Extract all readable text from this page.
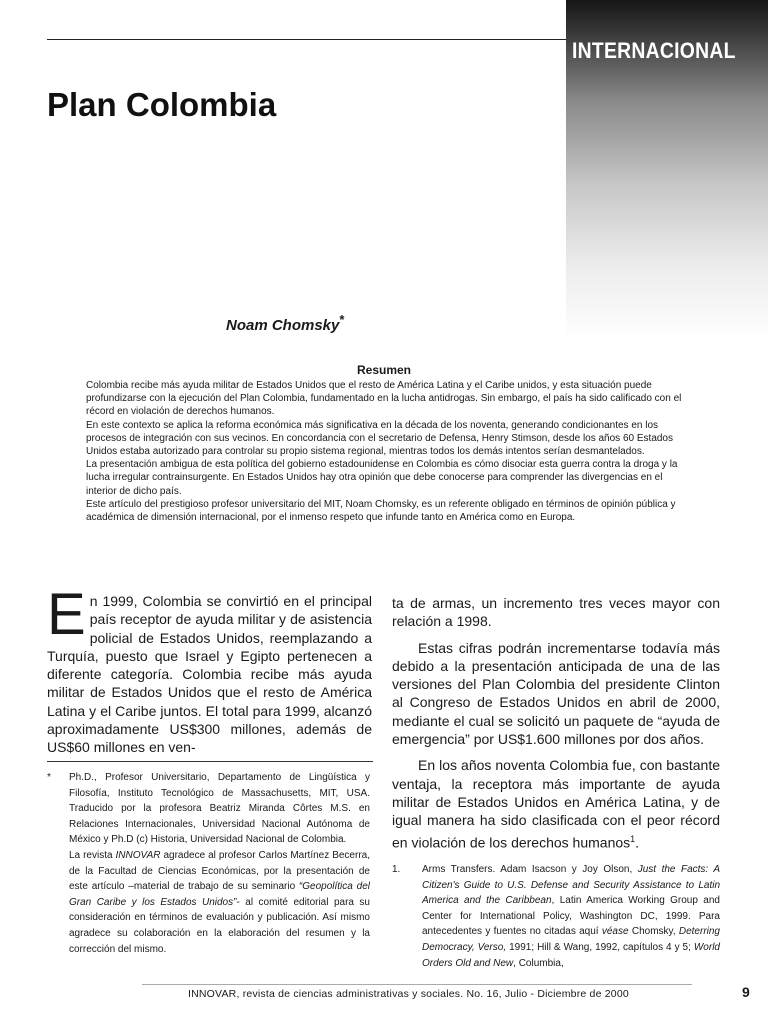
INTERNACIONAL
Plan Colombia
Noam Chomsky*
Resumen

Colombia recibe más ayuda militar de Estados Unidos que el resto de América Latina y el Caribe unidos, y esta situación puede profundizarse con la ejecución del Plan Colombia, fundamentado en la lucha antidrogas. Sin embargo, el país ha sido calificado con el récord en violación de derechos humanos.

En este contexto se aplica la reforma económica más significativa en la década de los noventa, generando condicionantes en los procesos de integración con sus vecinos. En concordancia con el secretario de Defensa, Henry Stimson, desde los años 60 Estados Unidos estaba autorizado para controlar su propio sistema regional, mientras todos los demás intentos serían desmantelados.

La presentación ambigua de esta política del gobierno estadounidense en Colombia es cómo disociar esta guerra contra la droga y la lucha irregular contrainsurgente. En Estados Unidos hay otra opinión que debe conocerse para comprender las divergencias en el interior de dicho país.

Este artículo del prestigioso profesor universitario del MIT, Noam Chomsky, es un referente obligado en términos de opinión pública y académica de dimensión internacional, por el inmenso respeto que infunde tanto en América como en Europa.

En 1999, Colombia se convirtió en el principal país receptor de ayuda militar y de asistencia policial de Estados Unidos, reemplazando a Turquía, puesto que Israel y Egipto pertenecen a diferente categoría. Colombia recibe más ayuda militar de Estados Unidos que el resto de América Latina y el Caribe juntos. El total para 1999, alcanzó aproximadamente US$300 millones, además de US$60 millones en ven-

ta de armas, un incremento tres veces mayor con relación a 1998.

Estas cifras podrán incrementarse todavía más debido a la presentación anticipada de una de las versiones del Plan Colombia del presidente Clinton al Congreso de Estados Unidos en abril de 2000, mediante el cual se solicitó un paquete de “ayuda de emergencia” por US$1.600 millones por dos años.

En los años noventa Colombia fue, con bastante ventaja, la receptora más importante de ayuda militar de Estados Unidos en América Latina, y de igual manera ha sido clasificada con el peor récord en violación de los derechos humanos$^1$.

* Ph.D., Profesor Universitario, Departamento de Lingüística y Filosofía, Instituto Tecnológico de Massachusetts, MIT, USA. Traducido por la profesora Beatriz Miranda Côrtes M.S. en Relaciones Internacionales, Universidad Nacional Autónoma de México y Ph.D (c) Historia, Universidad Nacional de Colombia.

La revista INNOVAR agradece al profesor Carlos Martínez Becerra, de la Facultad de Ciencias Económicas, por la presentación de este artículo –material de trabajo de su seminario “Geopolítica del Gran Caribe y los Estados Unidos”- al comité editorial para su consideración en términos de evaluación y publicación. Así mismo agradece su colaboración en la elaboración del resumen y la corrección del mismo.

1. Arms Transfers. Adam Isacson y Joy Olson, Just the Facts: A Citizen's Guide to U.S. Defense and Security Assistance to Latin America and the Caribbean, Latin America Working Group and Center for International Policy, Washington DC, 1999. Para antecedentes y fuentes no citadas aquí véase Chomsky, Deterring Democracy, Verso, 1991; Hill & Wang, 1992, capítulos 4 y 5; World Orders Old and New, Columbia,
INNOVAR, revista de ciencias administrativas y sociales. No. 16, Julio - Diciembre de 2000	9
